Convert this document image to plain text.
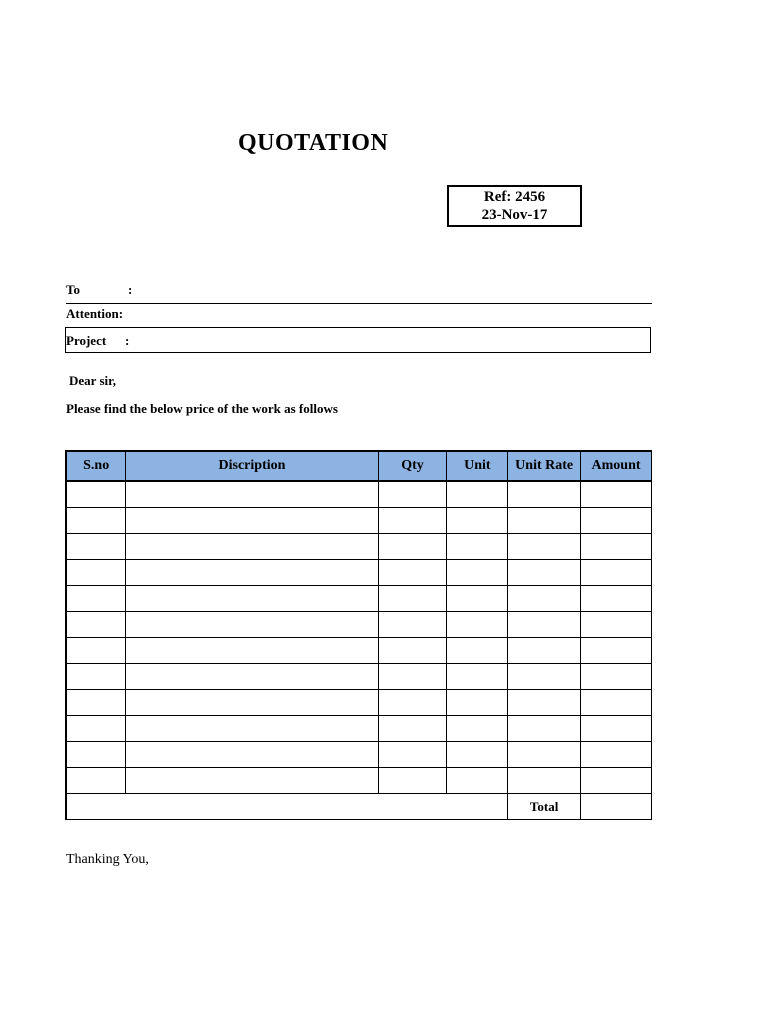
QUOTATION
Ref: 2456
23-Nov-17
To	:
Attention:
Project :
Dear sir,
Please find the below price of the work as follows
S.no	Discription	Qty	Unit	Unit Rate	Amount

				Total	
Thanking You,
